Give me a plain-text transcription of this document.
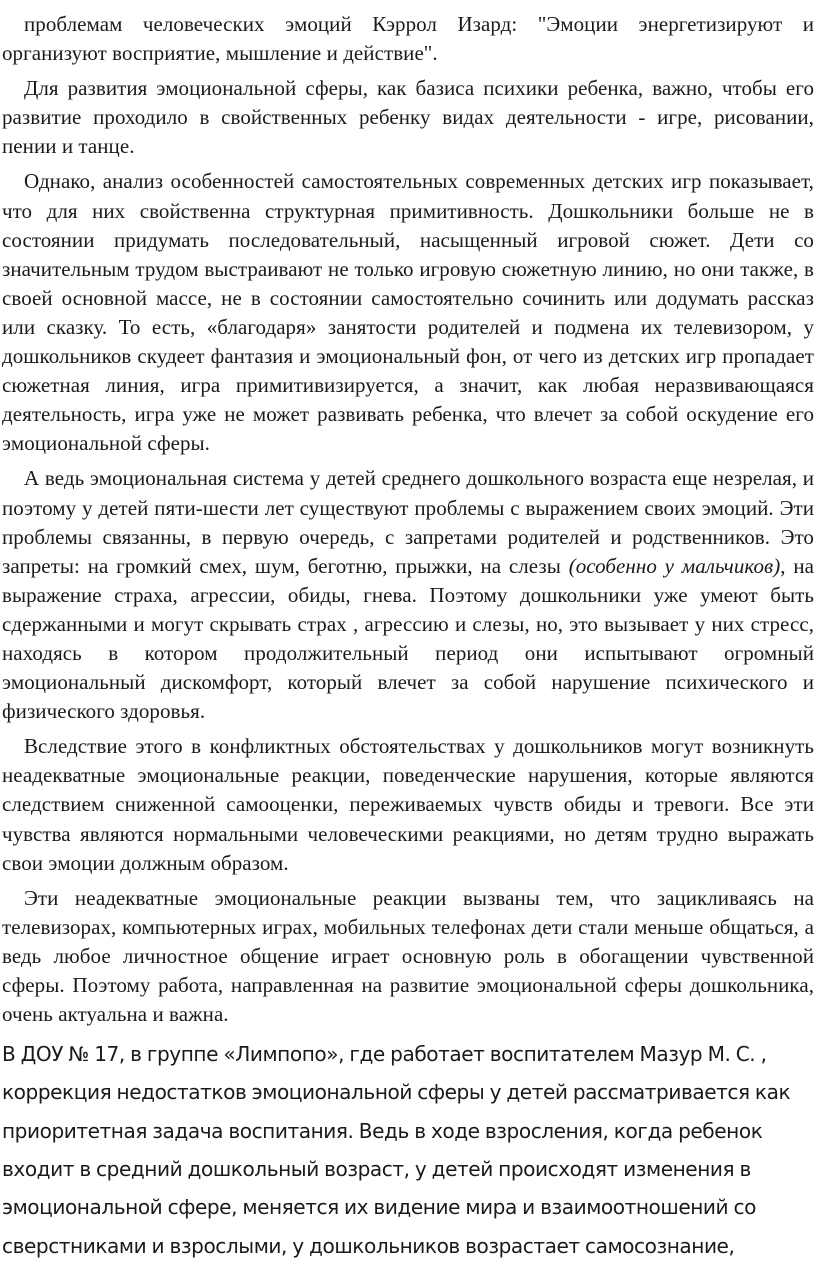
проблемам человеческих эмоций Кэррол Изард: "Эмоции энергетизируют и организуют восприятие, мышление и действие".

Для развития эмоциональной сферы, как базиса психики ребенка, важно, чтобы его развитие проходило в свойственных ребенку видах деятельности - игре, рисовании, пении и танце.

Однако, анализ особенностей самостоятельных современных детских игр показывает, что для них свойственна структурная примитивность. Дошкольники больше не в состоянии придумать последовательный, насыщенный игровой сюжет. Дети со значительным трудом выстраивают не только игровую сюжетную линию, но они также, в своей основной массе, не в состоянии самостоятельно сочинить или додумать рассказ или сказку. То есть, «благодаря» занятости родителей и подмена их телевизором, у дошкольников скудеет фантазия и эмоциональный фон, от чего из детских игр пропадает сюжетная линия, игра примитивизируется, а значит, как любая неразвивающаяся деятельность, игра уже не может развивать ребенка, что влечет за собой оскудение его эмоциональной сферы.

А ведь эмоциональная система у детей среднего дошкольного возраста еще незрелая, и поэтому у детей пяти-шести лет существуют проблемы с выражением своих эмоций. Эти проблемы связанны, в первую очередь, с запретами родителей и родственников. Это запреты: на громкий смех, шум, беготню, прыжки, на слезы (особенно у мальчиков), на выражение страха, агрессии, обиды, гнева. Поэтому дошкольники уже умеют быть сдержанными и могут скрывать страх , агрессию и слезы, но, это вызывает у них стресс, находясь в котором продолжительный период они испытывают огромный эмоциональный дискомфорт, который влечет за собой нарушение психического и физического здоровья.

Вследствие этого в конфликтных обстоятельствах у дошкольников могут возникнуть неадекватные эмоциональные реакции, поведенческие нарушения, которые являются следствием сниженной самооценки, переживаемых чувств обиды и тревоги. Все эти чувства являются нормальными человеческими реакциями, но детям трудно выражать свои эмоции должным образом.

Эти неадекватные эмоциональные реакции вызваны тем, что зацикливаясь на телевизорах, компьютерных играх, мобильных телефонах дети стали меньше общаться, а ведь любое личностное общение играет основную роль в обогащении чувственной сферы. Поэтому работа, направленная на развитие эмоциональной сферы дошкольника, очень актуальна и важна.

В ДОУ № 17, в группе «Лимпопо», где работает воспитателем Мазур М. С. , коррекция недостатков эмоциональной сферы у детей рассматривается как приоритетная задача воспитания. Ведь в ходе взросления, когда ребенок входит в средний дошкольный возраст, у детей происходят изменения в эмоциональной сфере, меняется их видение мира и взаимоотношений со сверстниками и взрослыми, у дошкольников возрастает самосознание,
